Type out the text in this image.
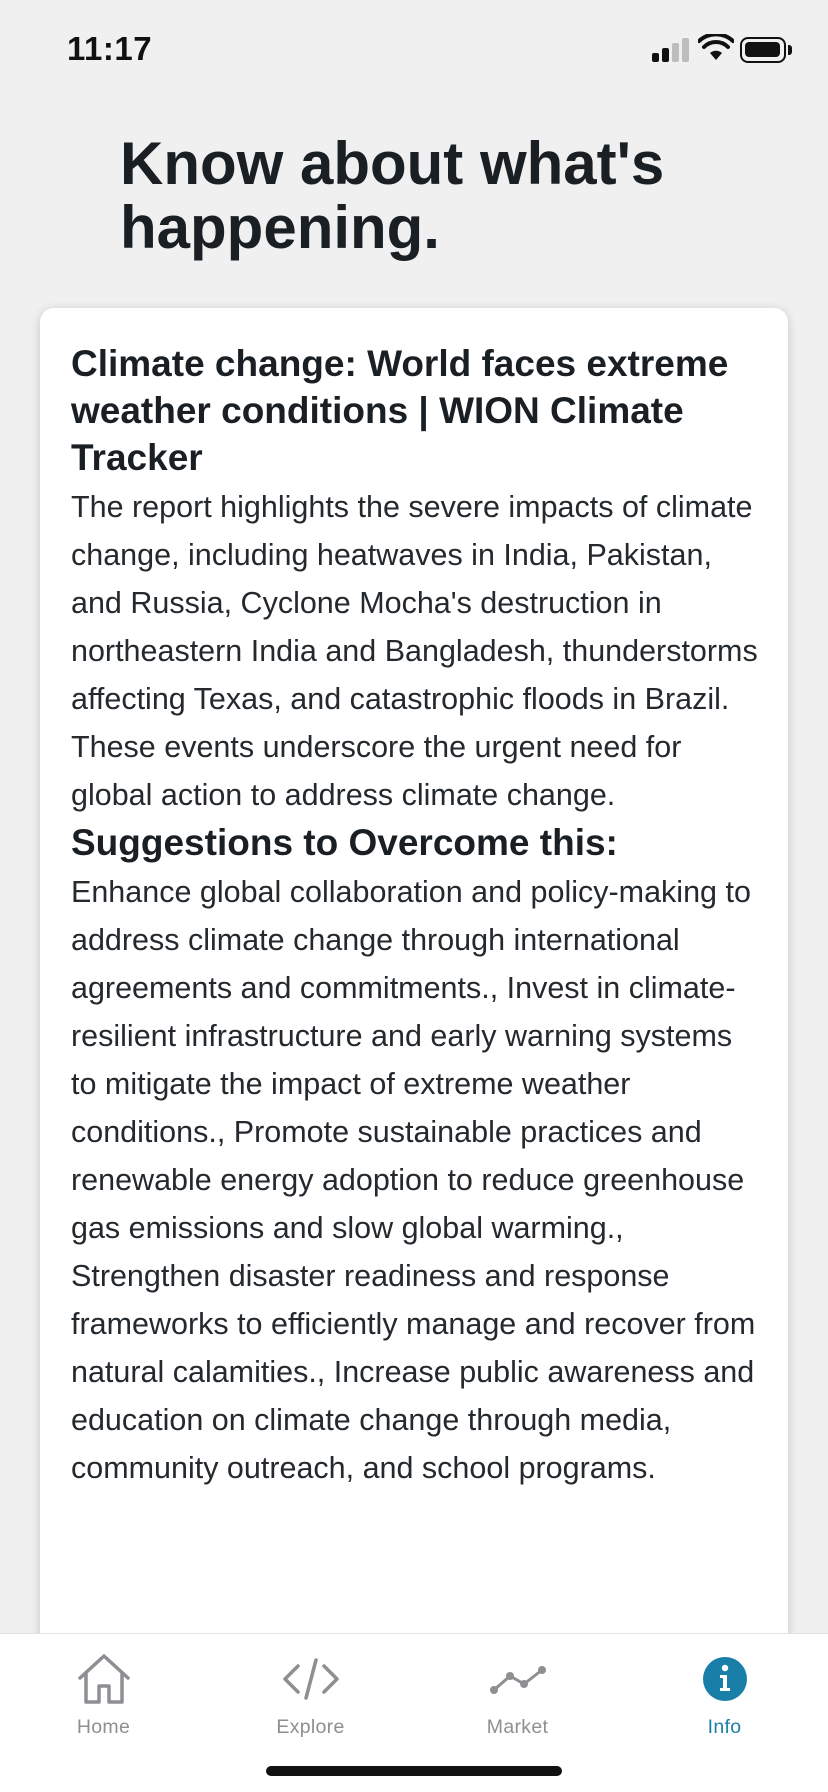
11:17
Know about what's happening.
Climate change: World faces extreme weather conditions | WION Climate Tracker

The report highlights the severe impacts of climate change, including heatwaves in India, Pakistan, and Russia, Cyclone Mocha's destruction in northeastern India and Bangladesh, thunderstorms affecting Texas, and catastrophic floods in Brazil. These events underscore the urgent need for global action to address climate change.

Suggestions to Overcome this:

Enhance global collaboration and policy-making to address climate change through international agreements and commitments., Invest in climate-resilient infrastructure and early warning systems to mitigate the impact of extreme weather conditions., Promote sustainable practices and renewable energy adoption to reduce greenhouse gas emissions and slow global warming., Strengthen disaster readiness and response frameworks to efficiently manage and recover from natural calamities., Increase public awareness and education on climate change through media, community outreach, and school programs.

Home	Explore	Market	Info
